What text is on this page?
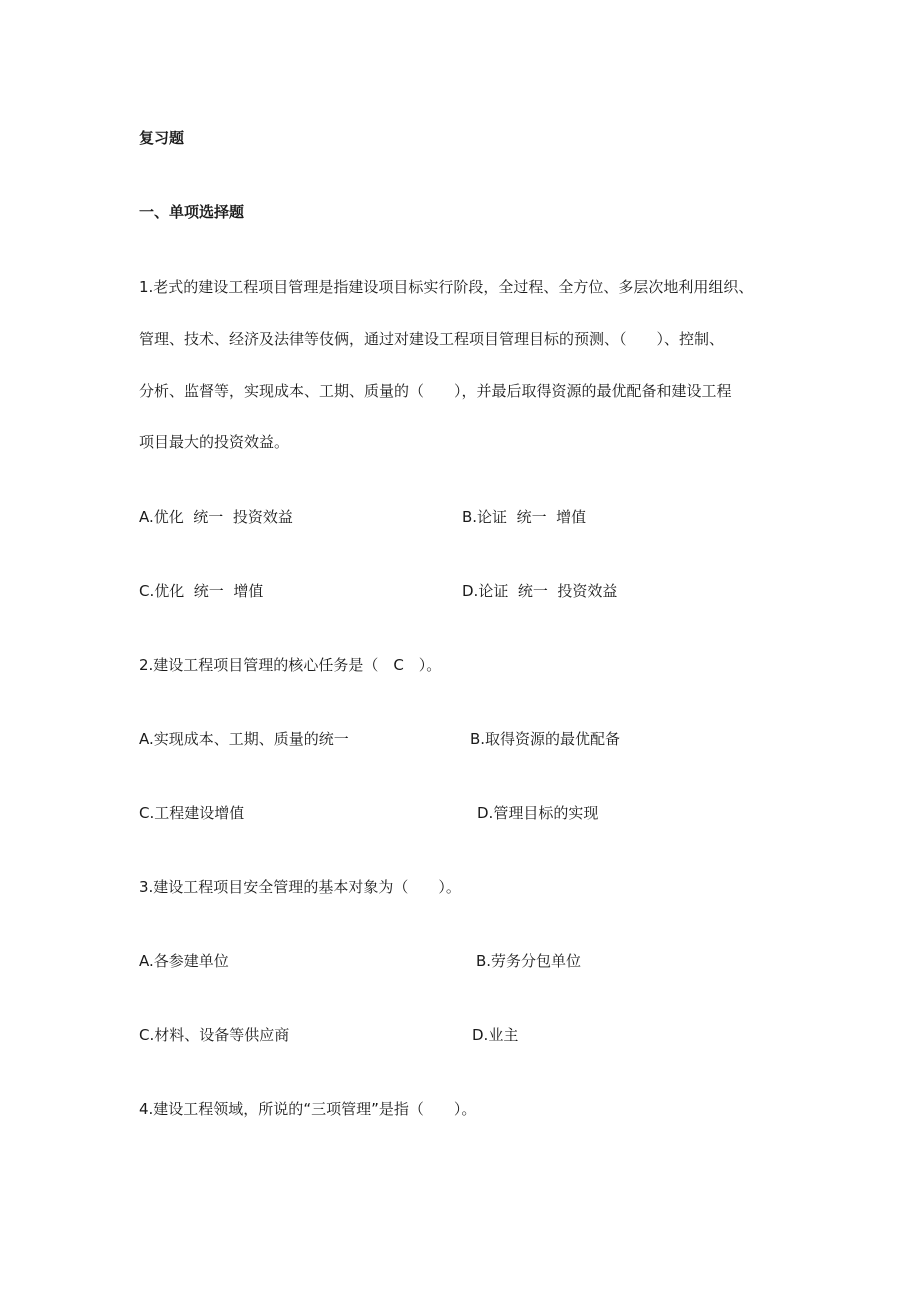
复习题
一、单项选择题
1.老式的建设工程项目管理是指建设项目标实行阶段，全过程、全方位、多层次地利用组织、
管理、技术、经济及法律等伎俩，通过对建设工程项目管理目标的预测、（　　）、控制、
分析、监督等，实现成本、工期、质量的（　　），并最后取得资源的最优配备和建设工程
项目最大的投资效益。
A.优化  统一  投资效益	B.论证  统一  增值
C.优化  统一  增值	D.论证  统一  投资效益
2.建设工程项目管理的核心任务是（　C　）。
A.实现成本、工期、质量的统一	B.取得资源的最优配备
C.工程建设增值	D.管理目标的实现
3.建设工程项目安全管理的基本对象为（　　）。
A.各参建单位	B.劳务分包单位
C.材料、设备等供应商	D.业主
4.建设工程领域，所说的“三项管理”是指（　　）。
